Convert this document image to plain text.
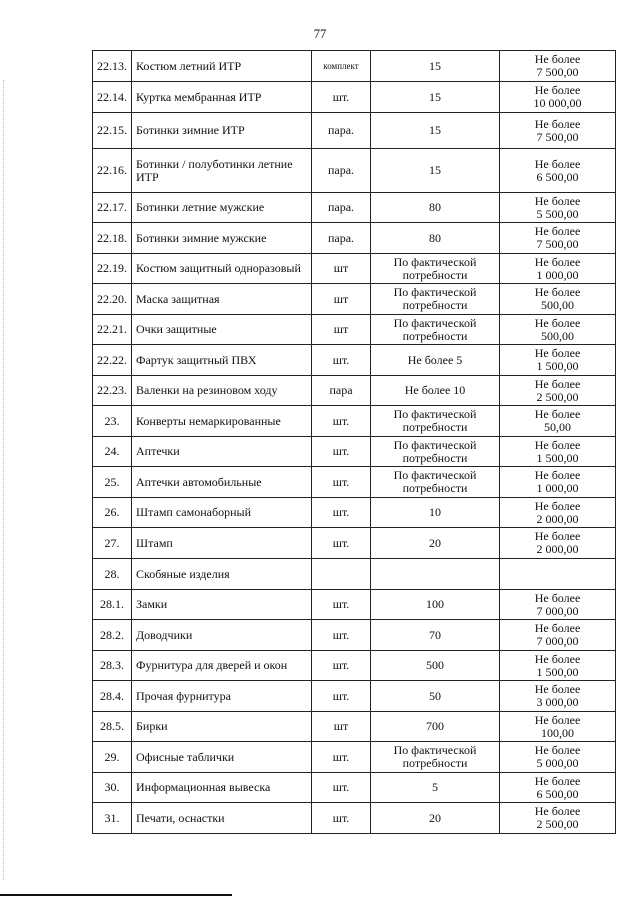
77
22.13.	Костюм летний ИТР	комплект	15	Не более
7 500,00

22.14.	Куртка мембранная ИТР	шт.	15	Не более
10 000,00

22.15.	Ботинки зимние ИТР	пара.	15	Не более
7 500,00

22.16.	Ботинки / полуботинки летние ИТР	пара.	15	Не более
6 500,00

22.17.	Ботинки летние мужские	пара.	80	Не более
5 500,00

22.18.	Ботинки зимние мужские	пара.	80	Не более
7 500,00

22.19.	Костюм защитный одноразовый	шт	По фактической
потребности	Не более
1 000,00

22.20.	Маска защитная	шт	По фактической
потребности	Не более
500,00

22.21.	Очки защитные	шт	По фактической
потребности	Не более
500,00

22.22.	Фартук защитный ПВХ	шт.	Не более 5	Не более
1 500,00

22.23.	Валенки на резиновом ходу	пара	Не более 10	Не более
2 500,00

23.	Конверты немаркированные	шт.	По фактической
потребности	Не более
50,00

24.	Аптечки	шт.	По фактической
потребности	Не более
1 500,00

25.	Аптечки автомобильные	шт.	По фактической
потребности	Не более
1 000,00

26.	Штамп самонаборный	шт.	10	Не более
2 000,00

27.	Штамп	шт.	20	Не более
2 000,00

28.	Скобяные изделия			
28.1.	Замки	шт.	100	Не более
7 000,00

28.2.	Доводчики	шт.	70	Не более
7 000,00

28.3.	Фурнитура для дверей и окон	шт.	500	Не более
1 500,00

28.4.	Прочая фурнитура	шт.	50	Не более
3 000,00

28.5.	Бирки	шт	700	Не более
100,00

29.	Офисные таблички	шт.	По фактической
потребности	Не более
5 000,00

30.	Информационная вывеска	шт.	5	Не более
6 500,00

31.	Печати, оснастки	шт.	20	Не более
2 500,00
